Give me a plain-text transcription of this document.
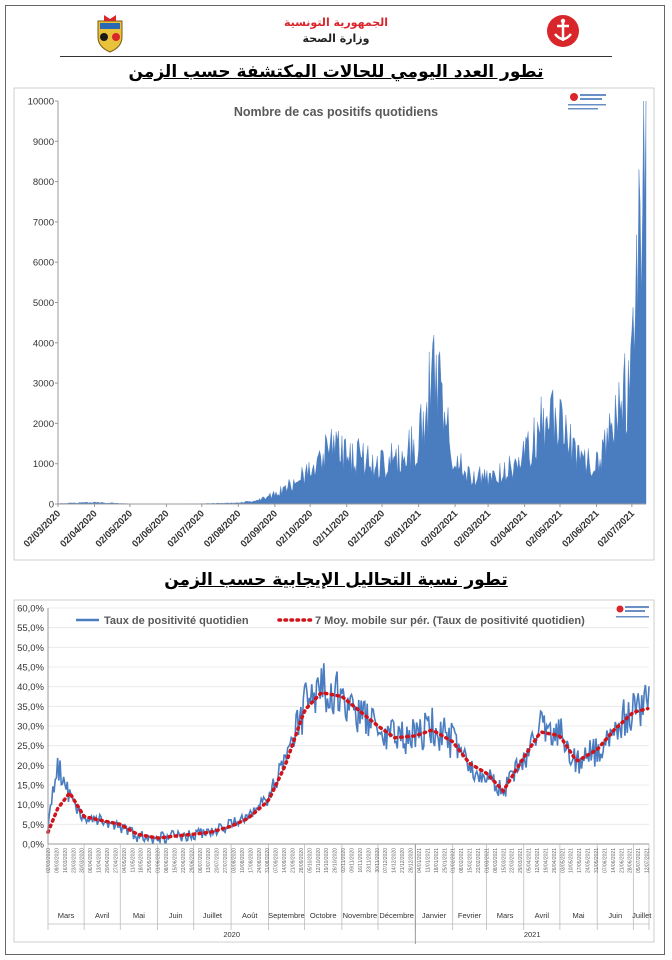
الجمهورية التونسية
وزارة الصحة
تطور العدد اليومي للحالات المكتشفة حسب الزمن
Nombre de cas positifs quotidiens
0
1000
2000
3000
4000
5000
6000
7000
8000
9000
10000
02/03/2020
02/04/2020
02/05/2020
02/06/2020
02/07/2020
02/08/2020
02/09/2020
02/10/2020
02/11/2020
02/12/2020
02/01/2021
02/02/2021
02/03/2021
02/04/2021
02/05/2021
02/06/2021
02/07/2021
تطور نسبة التحاليل الإيجابية حسب الزمن
0,0%
5,0%
10,0%
15,0%
20,0%
25,0%
30,0%
35,0%
40,0%
45,0%
50,0%
55,0%
60,0%
Mars	Avril	Mai	Juin	Juillet	Août Septembre Octobre Novembre Décembre Janvier Fevrier Mars	Avril	Mai	Juin Juillet
2020	2021
02/03/2020 09/03/2020 16/03/2020 23/03/2020 30/03/2020 06/04/2020 13/04/2020 20/04/2020 27/04/2020 04/05/2020 11/05/2020 18/05/2020 25/05/2020 01/06/2020 08/06/2020 15/06/2020 22/06/2020 29/06/2020 06/07/2020 13/07/2020 20/07/2020 27/07/2020 03/08/2020 10/08/2020 17/08/2020 24/08/2020 31/08/2020 07/09/2020 14/09/2020 21/09/2020 28/09/2020 05/10/2020 12/10/2020 19/10/2020 26/10/2020 02/11/2020 09/11/2020 16/11/2020 23/11/2020 30/11/2020 07/12/2020 14/12/2020 21/12/2020 28/12/2020 04/01/2021 11/01/2021 18/01/2021 25/01/2021 01/02/2021 08/02/2021 15/02/2021 22/02/2021 01/03/2021 08/03/2021 15/03/2021 22/03/2021 29/03/2021 05/04/2021 12/04/2021 19/04/2021 26/04/2021 03/05/2021 10/05/2021 17/05/2021 24/05/2021 31/05/2021 07/06/2021 14/06/2021 21/06/2021 28/06/2021 05/07/2021 12/07/2021
Taux de positivité quotidien	7 Moy. mobile sur pér. (Taux de positivité quotidien)
